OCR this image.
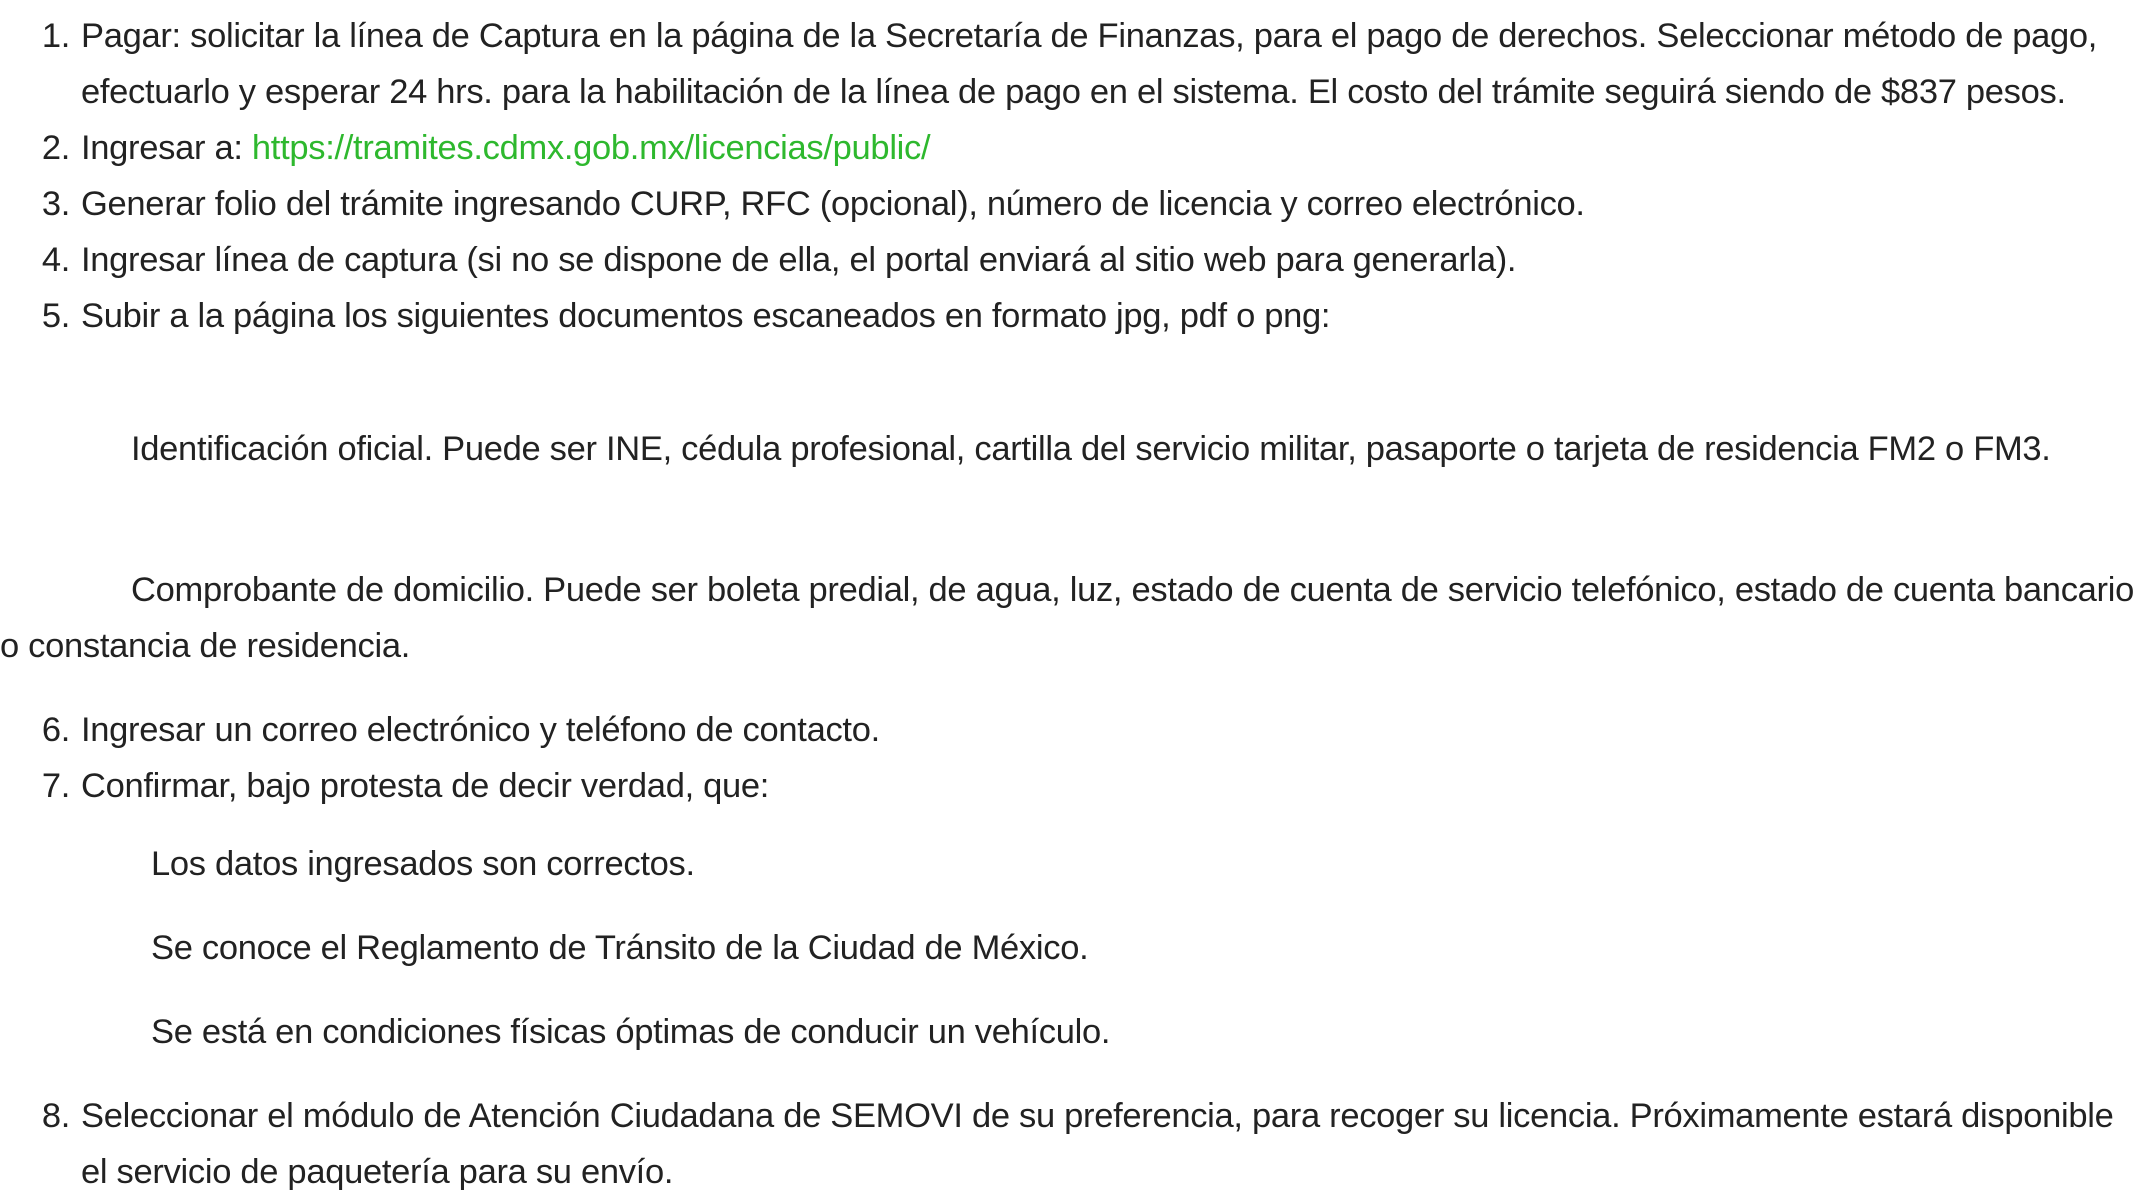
1. Pagar: solicitar la línea de Captura en la página de la Secretaría de Finanzas, para el pago de derechos. Seleccionar método de pago, efectuarlo y esperar 24 hrs. para la habilitación de la línea de pago en el sistema. El costo del trámite seguirá siendo de $837 pesos.
2. Ingresar a: https://tramites.cdmx.gob.mx/licencias/public/
3. Generar folio del trámite ingresando CURP, RFC (opcional), número de licencia y correo electrónico.
4. Ingresar línea de captura (si no se dispone de ella, el portal enviará al sitio web para generarla).
5. Subir a la página los siguientes documentos escaneados en formato jpg, pdf o png:

Identificación oficial. Puede ser INE, cédula profesional, cartilla del servicio militar, pasaporte o tarjeta de residencia FM2 o FM3.

Comprobante de domicilio. Puede ser boleta predial, de agua, luz, estado de cuenta de servicio telefónico, estado de cuenta bancario o constancia de residencia.

6. Ingresar un correo electrónico y teléfono de contacto.
7. Confirmar, bajo protesta de decir verdad, que:

Los datos ingresados son correctos.

Se conoce el Reglamento de Tránsito de la Ciudad de México.

Se está en condiciones físicas óptimas de conducir un vehículo.

8. Seleccionar el módulo de Atención Ciudadana de SEMOVI de su preferencia, para recoger su licencia. Próximamente estará disponible el servicio de paquetería para su envío.
